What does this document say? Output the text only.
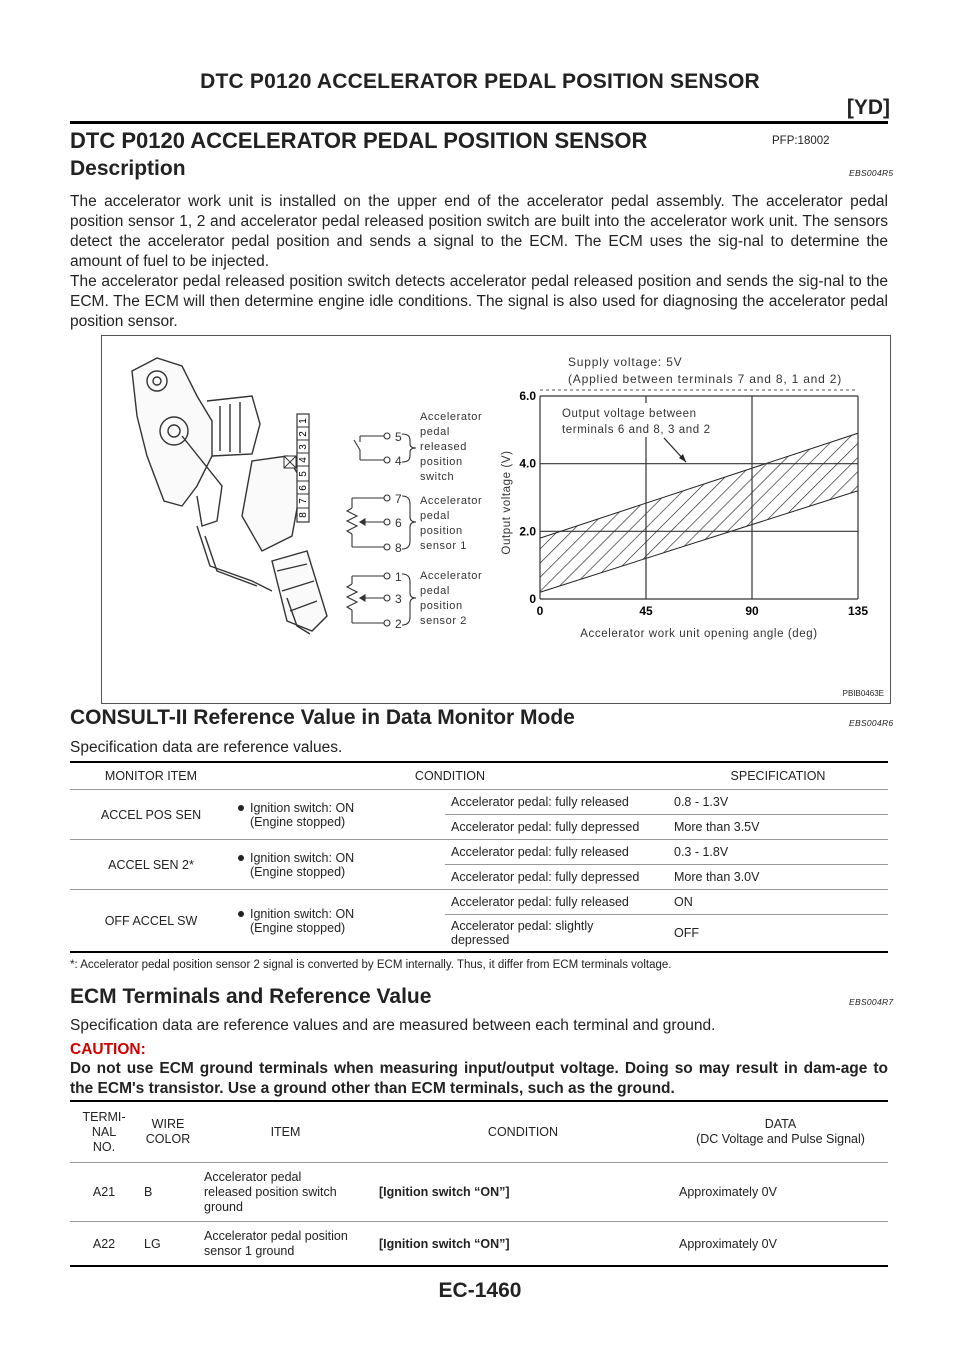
DTC P0120 ACCELERATOR PEDAL POSITION SENSOR
[YD]
DTC P0120 ACCELERATOR PEDAL POSITION SENSOR	PFP:18002
Description	EBS004R5

The accelerator work unit is installed on the upper end of the accelerator pedal assembly. The accelerator pedal position sensor 1, 2 and accelerator pedal released position switch are built into the accelerator work unit. The sensors detect the accelerator pedal position and sends a signal to the ECM. The ECM uses the sig-nal to determine the amount of fuel to be injected.

The accelerator pedal released position switch detects accelerator pedal released position and sends the sig-nal to the ECM. The ECM will then determine engine idle conditions. The signal is also used for diagnosing the accelerator pedal position sensor.

1
2
3
4
5
6
7
8
5
4
7
6
8
1
3
2
0	45	90	135
0
2.0
4.0
6.0
Accelerator work unit opening angle (deg)
Output voltage (V)
Supply voltage: 5V
(Applied between terminals 7 and 8, 1 and 2)
Output voltage between
terminals 6 and 8, 3 and 2
Accelerator
pedal
released
position
switch
Accelerator
pedal
position
sensor 1
Accelerator
pedal
position
sensor 2
PBIB0463E
CONSULT-II Reference Value in Data Monitor Mode	EBS004R6
Specification data are reference values.
MONITOR ITEM	CONDITION		SPECIFICATION
ACCEL POS SEN	Ignition switch: ON
(Engine stopped)	Accelerator pedal: fully released	0.8 - 1.3V
		Accelerator pedal: fully depressed	More than 3.5V
ACCEL SEN 2*	Ignition switch: ON
(Engine stopped)	Accelerator pedal: fully released	0.3 - 1.8V
		Accelerator pedal: fully depressed	More than 3.0V
OFF ACCEL SW	Ignition switch: ON
(Engine stopped)	Accelerator pedal: fully released	ON
		Accelerator pedal: slightly
depressed	OFF
*: Accelerator pedal position sensor 2 signal is converted by ECM internally. Thus, it differ from ECM terminals voltage.
ECM Terminals and Reference Value	EBS004R7
Specification data are reference values and are measured between each terminal and ground.
CAUTION:
Do not use ECM ground terminals when measuring input/output voltage. Doing so may result in dam-age to the ECM's transistor. Use a ground other than ECM terminals, such as the ground.
TERMI-
NAL
NO.	WIRE
COLOR	ITEM	CONDITION	DATA
(DC Voltage and Pulse Signal)
A21	B	Accelerator pedal
released position switch
ground	[Ignition switch “ON”]	Approximately 0V
A22	LG	Accelerator pedal position
sensor 1 ground	[Ignition switch “ON”]	Approximately 0V
EC-1460
